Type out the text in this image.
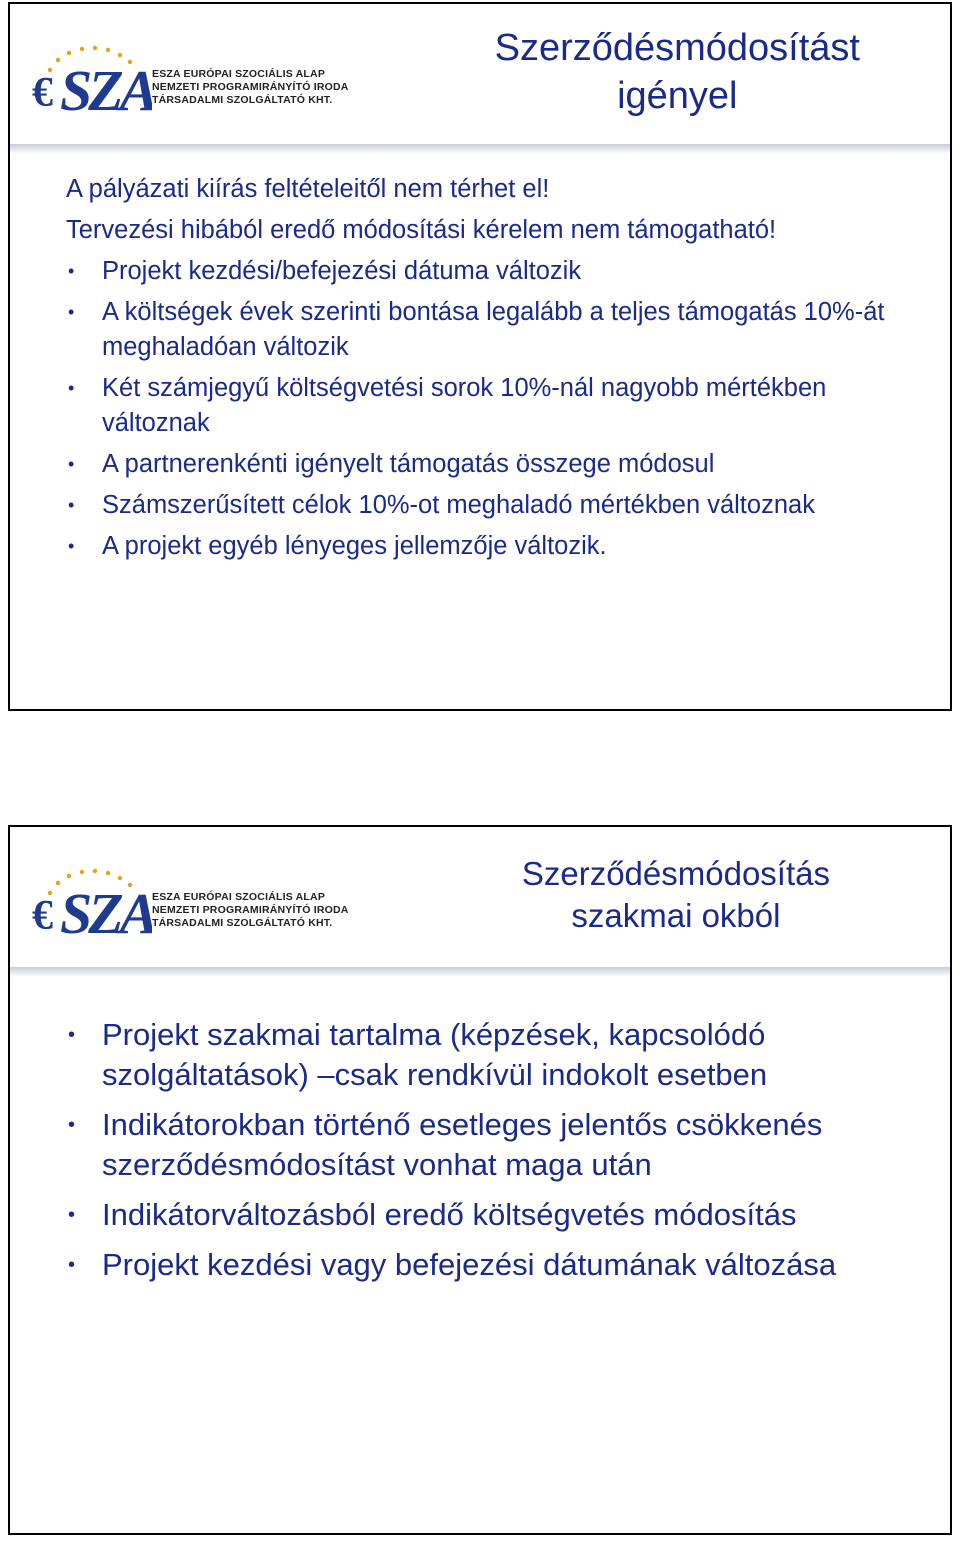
€ SZA
ESZA EURÓPAI SZOCIÁLIS ALAP
NEMZETI PROGRAMIRÁNYÍTÓ IRODA
TÁRSADALMI SZOLGÁLTATÓ KHT.
Szerződésmódosítást
igényel

A pályázati kiírás feltételeitől nem térhet el!

Tervezési hibából eredő módosítási kérelem nem támogatható!

• Projekt kezdési/befejezési dátuma változik
• A költségek évek szerinti bontása legalább a teljes támogatás 10%-át meghaladóan változik
• Két számjegyű költségvetési sorok 10%-nál nagyobb mértékben változnak
• A partnerenkénti igényelt támogatás összege módosul
• Számszerűsített célok 10%-ot meghaladó mértékben változnak
• A projekt egyéb lényeges jellemzője változik.
€ SZA
ESZA EURÓPAI SZOCIÁLIS ALAP
NEMZETI PROGRAMIRÁNYÍTÓ IRODA
TÁRSADALMI SZOLGÁLTATÓ KHT.
Szerződésmódosítás
szakmai okból
• Projekt szakmai tartalma (képzések, kapcsolódó szolgáltatások) –csak rendkívül indokolt esetben
• Indikátorokban történő esetleges jelentős csökkenés szerződésmódosítást vonhat maga után
• Indikátorváltozásból eredő költségvetés módosítás
• Projekt kezdési vagy befejezési dátumának változása
